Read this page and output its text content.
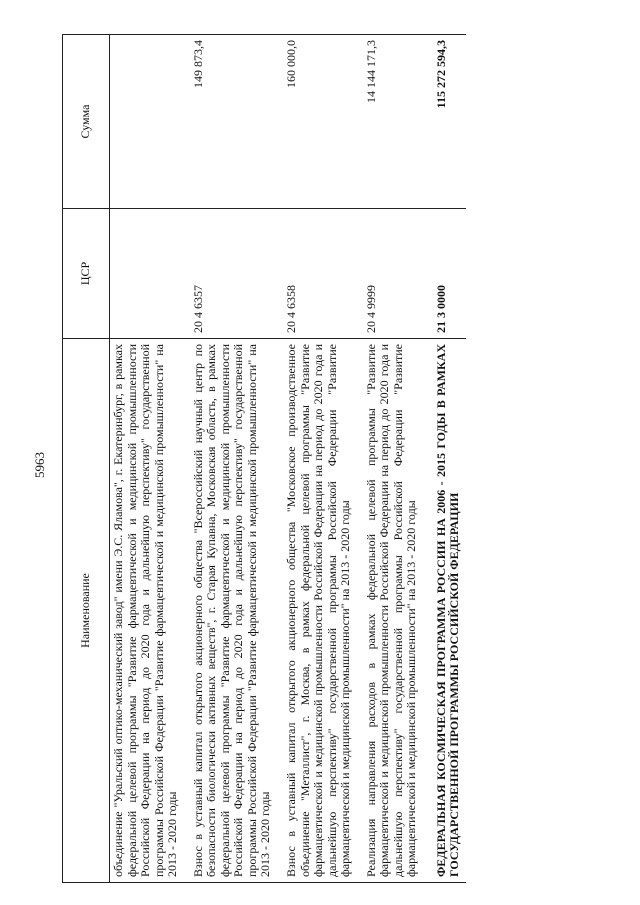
5963
Наименование	ЦСР	Сумма

объединение "Уральский оптико-механический завод" имени Э.С. Яламова", г. Екатеринбург, в рамках федеральной целевой программы "Развитие фармацевтической и медицинской промышленности Российской Федерации на период до 2020 года и дальнейшую перспективу" государственной программы Российской Федерации "Развитие фармацевтической и медицинской промышленности" на 2013 - 2020 годы		

Взнос в уставный капитал открытого акционерного общества "Всероссийский научный центр по безопасности биологически активных веществ", г. Старая Купавна, Московская область, в рамках федеральной целевой программы "Развитие фармацевтической и медицинской промышленности Российской Федерации на период до 2020 года и дальнейшую перспективу" государственной программы Российской Федерации "Развитие фармацевтической и медицинской промышленности" на 2013 - 2020 годы	20 4 6357	149 873,4

Взнос в уставный капитал открытого акционерного общества "Московское производственное объединение "Металлист", г. Москва, в рамках федеральной целевой программы "Развитие фармацевтической и медицинской промышленности Российской Федерации на период до 2020 года и дальнейшую перспективу" государственной программы Российской Федерации "Развитие фармацевтической и медицинской промышленности" на 2013 - 2020 годы	20 4 6358	160 000,0

Реализация направления расходов в рамках федеральной целевой программы "Развитие фармацевтической и медицинской промышленности Российской Федерации на период до 2020 года и дальнейшую перспективу" государственной программы Российской Федерации "Развитие фармацевтической и медицинской промышленности" на 2013 - 2020 годы	20 4 9999	14 144 171,3

ФЕДЕРАЛЬНАЯ КОСМИЧЕСКАЯ ПРОГРАММА РОССИИ НА 2006 - 2015 ГОДЫ В РАМКАХ ГОСУДАРСТВЕННОЙ ПРОГРАММЫ РОССИЙСКОЙ ФЕДЕРАЦИИ	21 3 0000	115 272 594,3
